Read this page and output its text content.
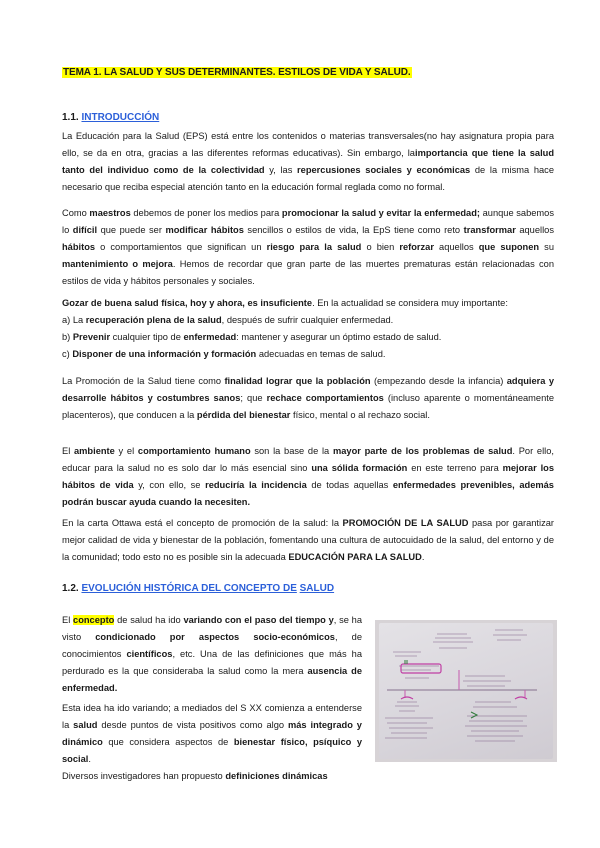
TEMA 1. LA SALUD Y SUS DETERMINANTES. ESTILOS DE VIDA Y SALUD.
1.1. INTRODUCCIÓN
La Educación para la Salud (EPS) está entre los contenidos o materias transversales(no hay asignatura propia para ello, se da en otra, gracias a las diferentes reformas educativas). Sin embargo, laimportancia que tiene la salud tanto del individuo como de la colectividad y, las repercusiones sociales y económicas de la misma hace necesario que reciba especial atención tanto en la educación formal reglada como no formal.
Como maestros debemos de poner los medios para promocionar la salud y evitar la enfermedad; aunque sabemos lo difícil que puede ser modificar hábitos sencillos o estilos de vida, la EpS tiene como reto transformar aquellos hábitos o comportamientos que significan un riesgo para la salud o bien reforzar aquellos que suponen su mantenimiento o mejora. Hemos de recordar que gran parte de las muertes prematuras están relacionadas con estilos de vida y hábitos personales y sociales.
Gozar de buena salud física, hoy y ahora, es insuficiente. En la actualidad se considera muy importante:
a) La recuperación plena de la salud, después de sufrir cualquier enfermedad.
b) Prevenir cualquier tipo de enfermedad: mantener y asegurar un óptimo estado de salud.
c) Disponer de una información y formación adecuadas en temas de salud.
La Promoción de la Salud tiene como finalidad lograr que la población (empezando desde la infancia) adquiera y desarrolle hábitos y costumbres sanos; que rechace comportamientos (incluso aparente o momentáneamente placenteros), que conducen a la pérdida del bienestar físico, mental o al rechazo social.
El ambiente y el comportamiento humano son la base de la mayor parte de los problemas de salud. Por ello, educar para la salud no es solo dar lo más esencial sino una sólida formación en este terreno para mejorar los hábitos de vida y, con ello, se reduciría la incidencia de todas aquellas enfermedades prevenibles, además podrán buscar ayuda cuando la necesiten.
En la carta Ottawa está el concepto de promoción de la salud: la PROMOCIÓN DE LA SALUD pasa por garantizar mejor calidad de vida y bienestar de la población, fomentando una cultura de autocuidado de la salud, del entorno y de la comunidad; todo esto no es posible sin la adecuada EDUCACIÓN PARA LA SALUD.
1.2. EVOLUCIÓN HISTÓRICA DEL CONCEPTO DE SALUD
El concepto de salud ha ido variando con el paso del tiempo y, se ha visto condicionado por aspectos socio-económicos, de conocimientos científicos, etc. Una de las definiciones que más ha perdurado es la que consideraba la salud como la mera ausencia de enfermedad.
Esta idea ha ido variando; a mediados del S XX comienza a entenderse la salud desde puntos de vista positivos como algo más integrado y dinámico que considera aspectos de bienestar físico, psíquico y social.
Diversos investigadores han propuesto definiciones dinámicas
